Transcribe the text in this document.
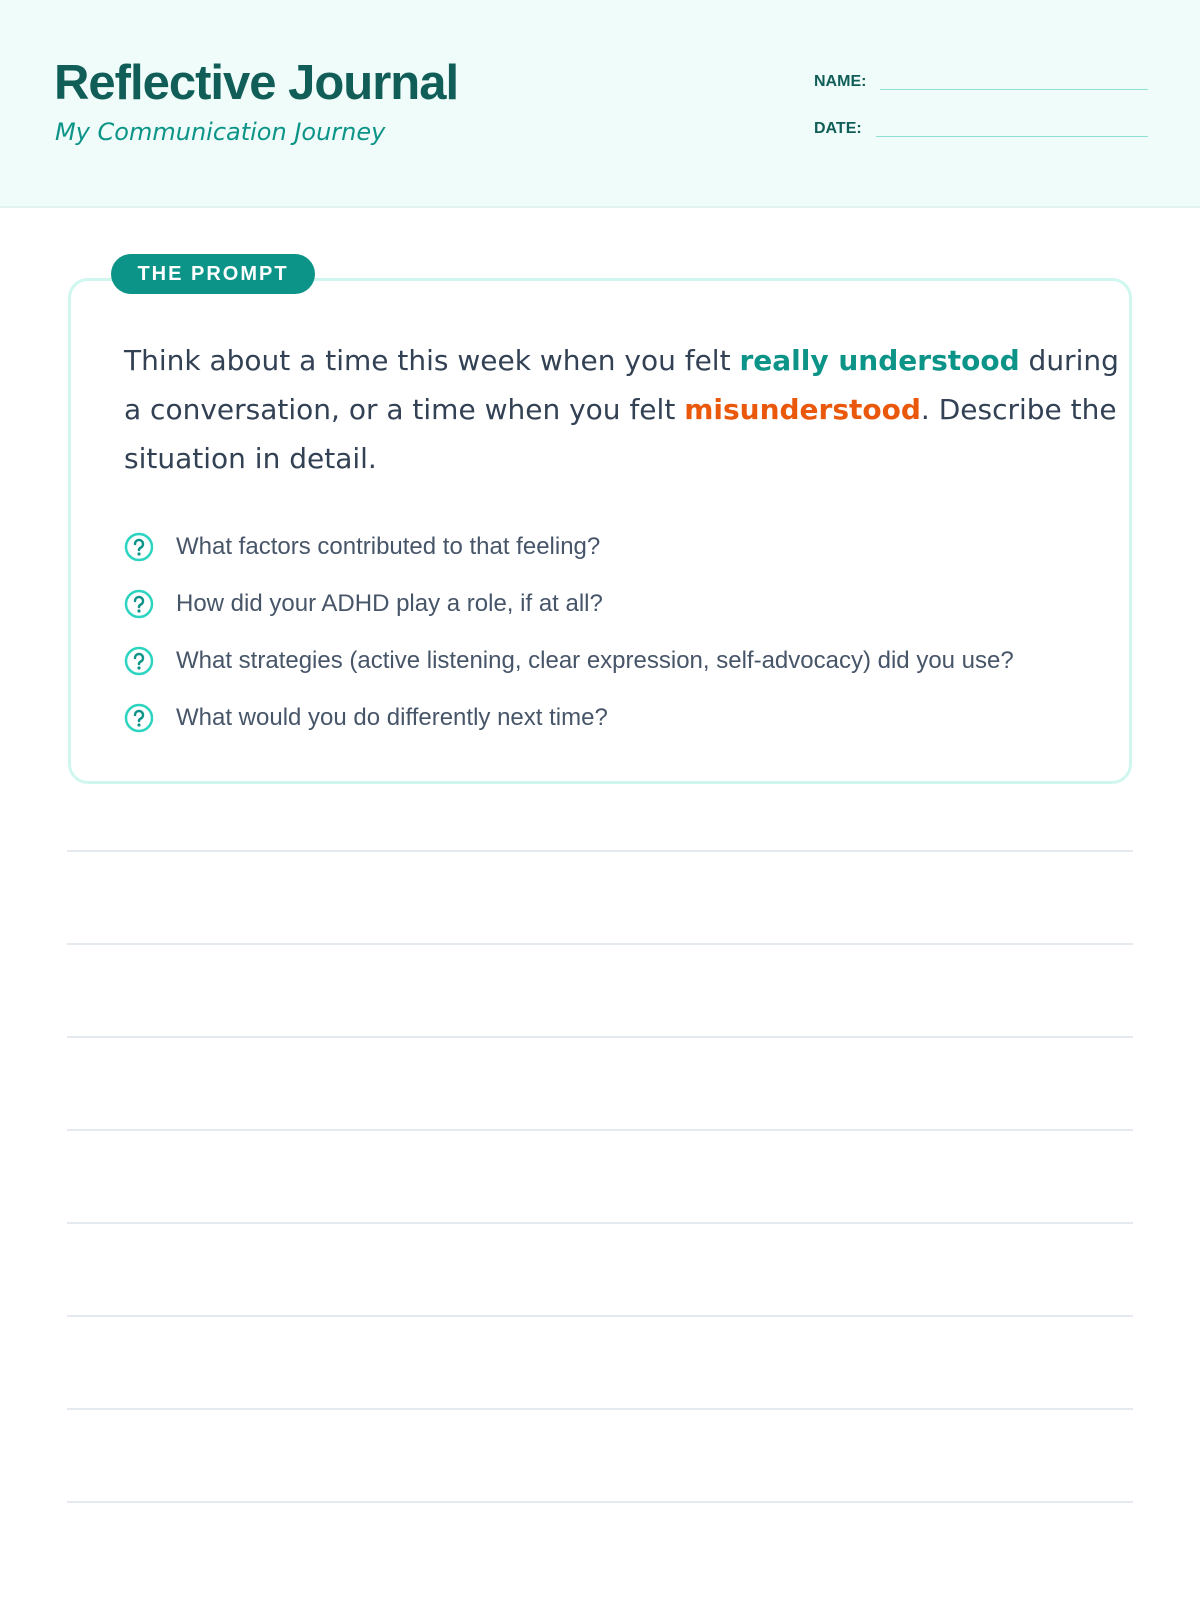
Reflective Journal
My Communication Journey
NAME:
DATE:
THE PROMPT

Think about a time this week when you felt really understood during a conversation, or a time when you felt misunderstood. Describe the situation in detail.

What factors contributed to that feeling?
How did your ADHD play a role, if at all?
What strategies (active listening, clear expression, self-advocacy) did you use?
What would you do differently next time?
